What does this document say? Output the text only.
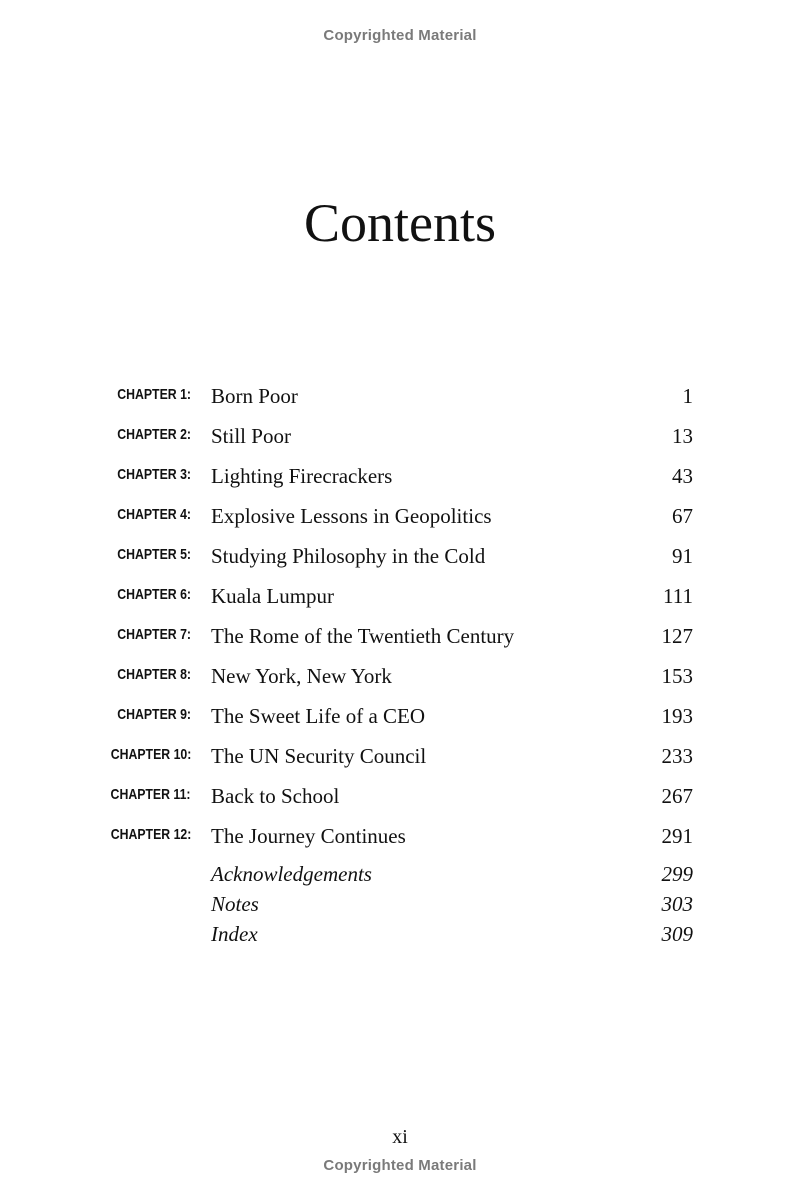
Copyrighted Material
Contents
CHAPTER 1: Born Poor	1
CHAPTER 2: Still Poor	13
CHAPTER 3: Lighting Firecrackers	43
CHAPTER 4: Explosive Lessons in Geopolitics	67
CHAPTER 5: Studying Philosophy in the Cold	91
CHAPTER 6: Kuala Lumpur	111
CHAPTER 7: The Rome of the Twentieth Century	127
CHAPTER 8: New York, New York	153
CHAPTER 9: The Sweet Life of a CEO	193
CHAPTER 10: The UN Security Council	233
CHAPTER 11: Back to School	267
CHAPTER 12: The Journey Continues	291
Acknowledgements	299
Notes	303
Index	309
xi
Copyrighted Material
